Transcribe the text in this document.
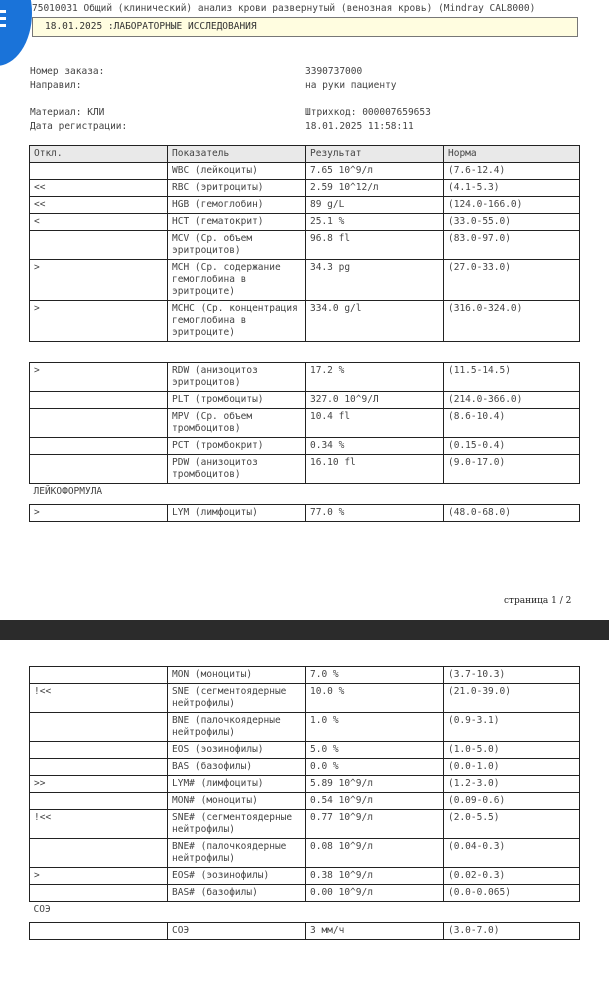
75010031 Общий (клинический) анализ крови развернутый (венозная кровь) (Mindray CAL8000)
18.01.2025 :ЛАБОРАТОРНЫЕ ИССЛЕДОВАНИЯ
Номер заказа:	3390737000
Направил:	на руки пациенту
Материал: КЛИ	Штрихкод: 000007659653
Дата регистрации:	18.01.2025 11:58:11
Откл.	Показатель	Результат	Норма
	WBC (лейкоциты)	7.65 10^9/л	(7.6-12.4)
<<	RBC (эритроциты)	2.59 10^12/л	(4.1-5.3)
<<	HGB (гемоглобин)	89 g/L	(124.0-166.0)
<	HCT (гематокрит)	25.1 %	(33.0-55.0)
	MCV (Ср. объем эритроцитов)	96.8 fl	(83.0-97.0)
>	MCH (Ср. содержание гемоглобина в эритроците)	34.3 pg	(27.0-33.0)
>	MCHC (Ср. концентрация гемоглобина в эритроците)	334.0 g/l	(316.0-324.0)

>	RDW (анизоцитоз эритроцитов)	17.2 %	(11.5-14.5)
	PLT (тромбоциты)	327.0 10^9/Л	(214.0-366.0)
	MPV (Ср. объем тромбоцитов)	10.4 fl	(8.6-10.4)
	PCT (тромбокрит)	0.34 %	(0.15-0.4)
	PDW (анизоцитоз тромбоцитов)	16.10 fl	(9.0-17.0)
ЛЕЙКОФОРМУЛА			
>	LYM (лимфоциты)	77.0 %	(48.0-68.0)
страница 1 / 2
	MON (моноциты)	7.0 %	(3.7-10.3)
!<<	SNE (сегментоядерные нейтрофилы)	10.0 %	(21.0-39.0)
	BNE (палочкоядерные нейтрофилы)	1.0 %	(0.9-3.1)
	EOS (эозинофилы)	5.0 %	(1.0-5.0)
	BAS (базофилы)	0.0 %	(0.0-1.0)
>>	LYM# (лимфоциты)	5.89 10^9/л	(1.2-3.0)
	MON# (моноциты)	0.54 10^9/л	(0.09-0.6)
!<<	SNE# (сегментоядерные нейтрофилы)	0.77 10^9/л	(2.0-5.5)
	BNE# (палочкоядерные нейтрофилы)	0.08 10^9/л	(0.04-0.3)
>	EOS# (эозинофилы)	0.38 10^9/л	(0.02-0.3)
	BAS# (базофилы)	0.00 10^9/л	(0.0-0.065)
СОЭ			
	СОЭ	3 мм/ч	(3.0-7.0)
